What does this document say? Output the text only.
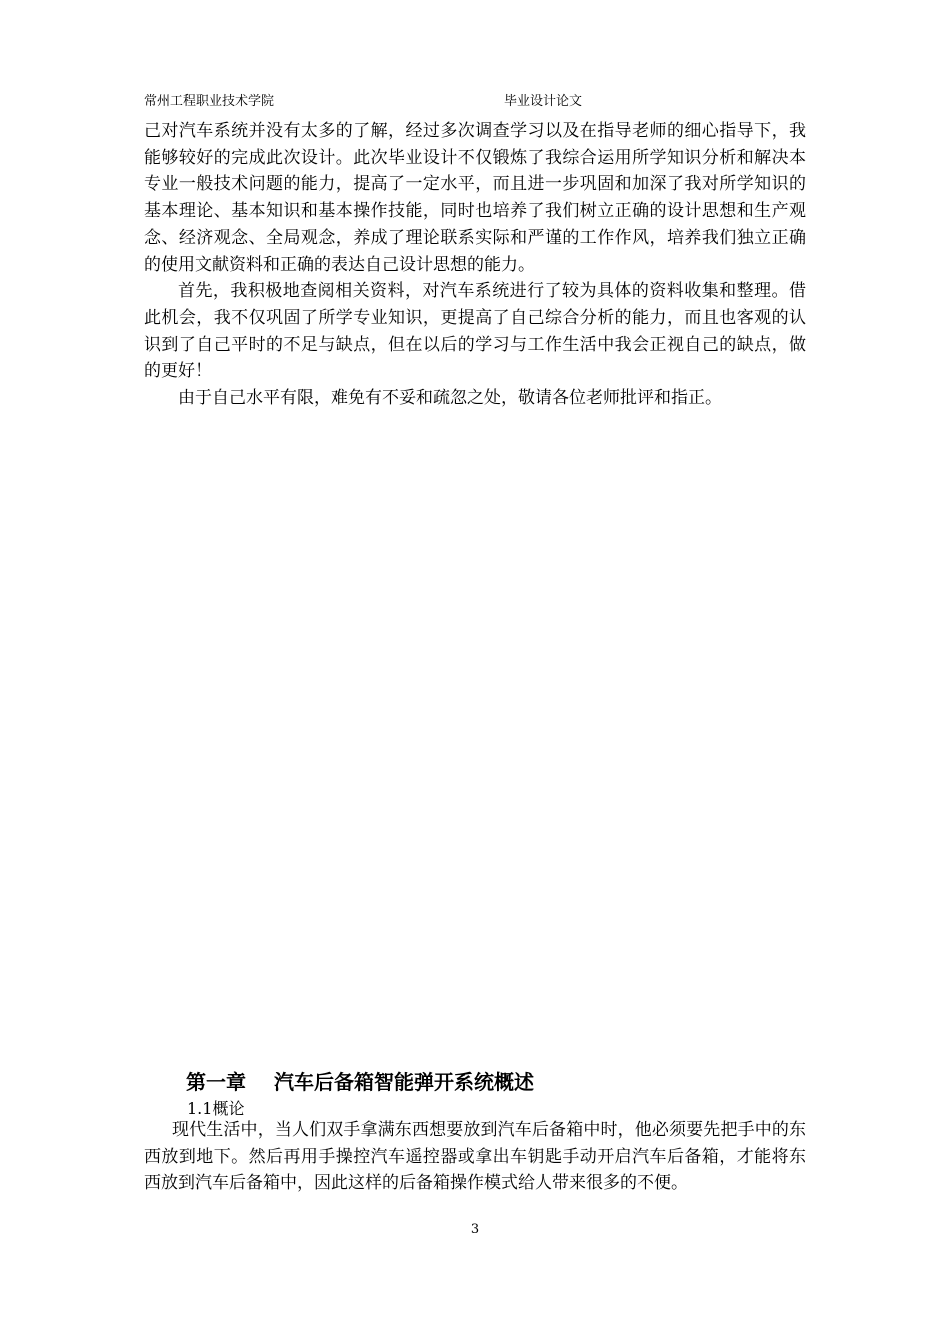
常州工程职业技术学院	毕业设计论文

己对汽车系统并没有太多的了解，经过多次调查学习以及在指导老师的细心指导下，我能够较好的完成此次设计。此次毕业设计不仅锻炼了我综合运用所学知识分析和解决本专业一般技术问题的能力，提高了一定水平，而且进一步巩固和加深了我对所学知识的基本理论、基本知识和基本操作技能，同时也培养了我们树立正确的设计思想和生产观念、经济观念、全局观念，养成了理论联系实际和严谨的工作作风，培养我们独立正确的使用文献资料和正确的表达自己设计思想的能力。

首先，我积极地查阅相关资料，对汽车系统进行了较为具体的资料收集和整理。借此机会，我不仅巩固了所学专业知识，更提高了自己综合分析的能力，而且也客观的认识到了自己平时的不足与缺点，但在以后的学习与工作生活中我会正视自己的缺点，做的更好！

由于自己水平有限，难免有不妥和疏忽之处，敬请各位老师批评和指正。

第一章 汽车后备箱智能弹开系统概述
1.1概论

现代生活中，当人们双手拿满东西想要放到汽车后备箱中时，他必须要先把手中的东西放到地下。然后再用手操控汽车遥控器或拿出车钥匙手动开启汽车后备箱，才能将东西放到汽车后备箱中，因此这样的后备箱操作模式给人带来很多的不便。

3
